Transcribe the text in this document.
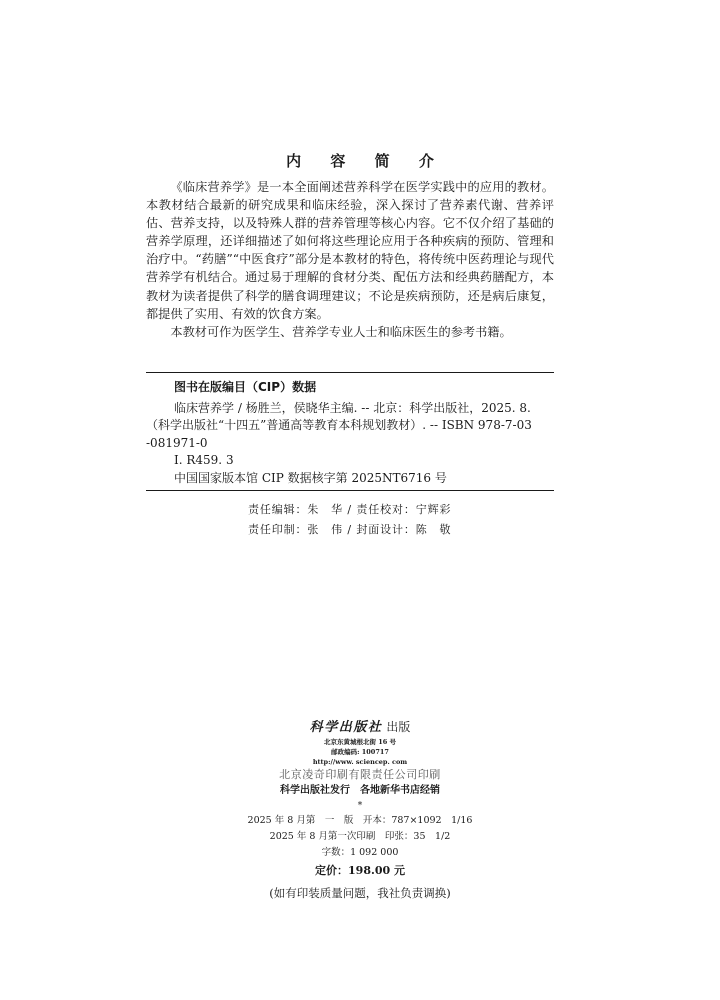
内 容 简 介

《临床营养学》是一本全面阐述营养科学在医学实践中的应用的教材。本教材结合最新的研究成果和临床经验，深入探讨了营养素代谢、营养评估、营养支持，以及特殊人群的营养管理等核心内容。它不仅介绍了基础的营养学原理，还详细描述了如何将这些理论应用于各种疾病的预防、管理和治疗中。“药膳”“中医食疗”部分是本教材的特色，将传统中医药理论与现代营养学有机结合。通过易于理解的食材分类、配伍方法和经典药膳配方，本教材为读者提供了科学的膳食调理建议；不论是疾病预防，还是病后康复，都提供了实用、有效的饮食方案。

本教材可作为医学生、营养学专业人士和临床医生的参考书籍。

图书在版编目（CIP）数据
临床营养学 / 杨胜兰，侯晓华主编. -- 北京：科学出版社，2025. 8.
（科学出版社“十四五”普通高等教育本科规划教材）. -- ISBN 978-7-03
-081971-0
Ⅰ. R459. 3
中国国家版本馆 CIP 数据核字第 2025NT6716 号
责任编辑：朱　华 / 责任校对：宁辉彩
责任印制：张　伟 / 封面设计：陈　敬
科学出版社 出版
北京东黄城根北街 16 号
邮政编码: 100717
http://www. sciencep. com
北京凌奇印刷有限责任公司印刷
科学出版社发行　各地新华书店经销
*
2025 年 8 月第　一　版　开本：787×1092　1/16
2025 年 8 月第一次印刷　印张：35　1/2
字数：1 092 000
定价：198.00 元
(如有印装质量问题，我社负责调换)
